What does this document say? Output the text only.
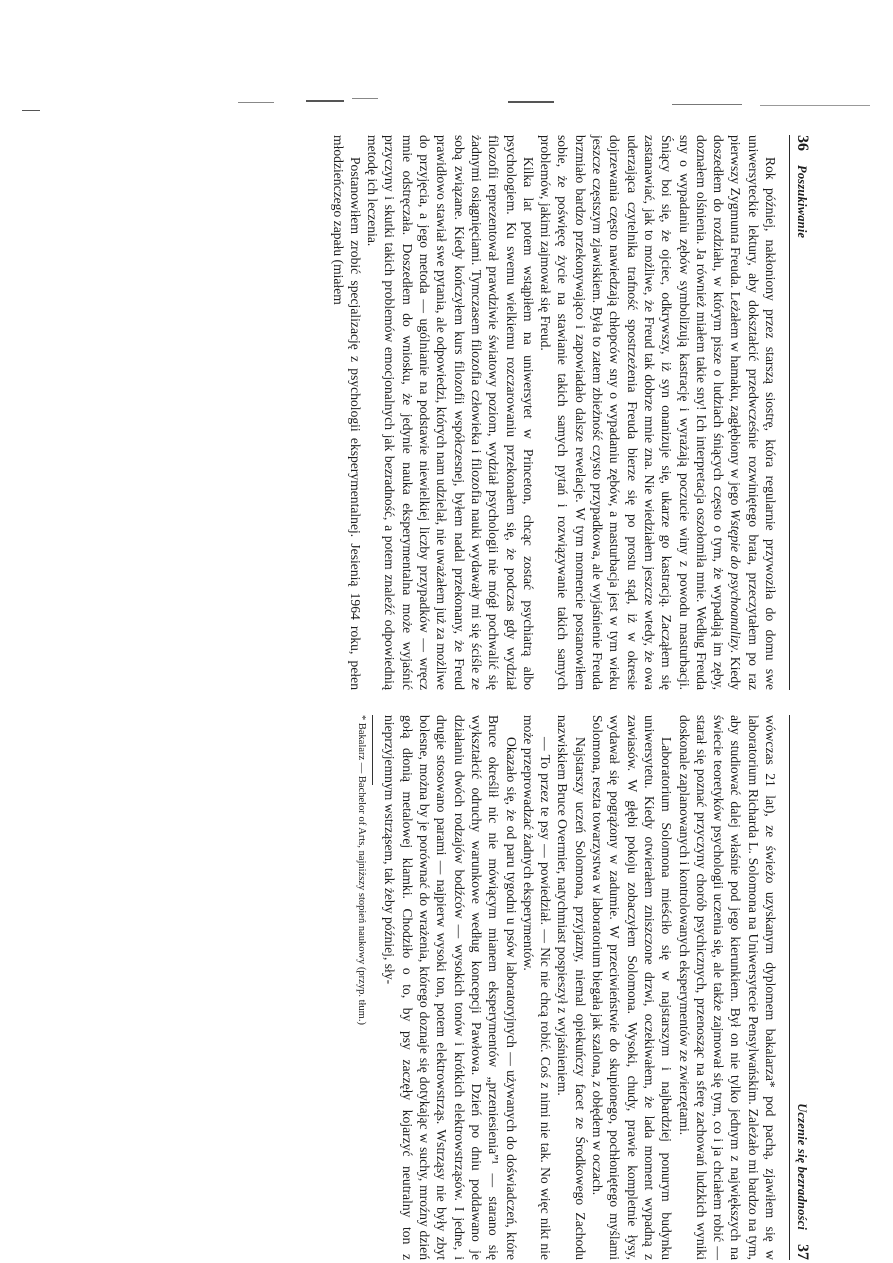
36
Poszukiwanie

Rok później, nakłoniony przez starszą siostrę, która regularnie przywoziła do domu swe uniwersyteckie lektury, aby dokształcić przedwcześnie rozwiniętego brata, przeczytałem po raz pierwszy Zygmunta Freuda. Leżałem w hamaku, zagłębiony w jego Wstępie do psychoanalizy. Kiedy doszedłem do rozdziału, w którym pisze o ludziach śniących często o tym, że wypadają im zęby, doznałem olśnienia. Ja również miałem takie sny! Ich interpretacja oszołomiła mnie. Według Freuda sny o wypadaniu zębów symbolizują kastrację i wyrażają poczucie winy z powodu masturbacji. Śniący boi się, że ojciec, odkrywszy, iż syn onanizuje się, ukarze go kastracją. Zacząłem się zastanawiać, jak to możliwe, że Freud tak dobrze mnie zna. Nie wiedziałem jeszcze wtedy, że owa uderzająca czytelnika trafność spostrzeżenia Freuda bierze się po prostu stąd, iż w okresie dojrzewania często nawiedzają chłopców sny o wypadaniu zębów, a masturbacja jest w tym wieku jeszcze częstszym zjawiskiem. Była to zatem zbieżność czysto przypadkowa, ale wyjaśnienie Freuda brzmiało bardzo przekonywająco i zapowiadało dalsze rewelacje. W tym momencie postanowiłem sobie, że poświęcę życie na stawianie takich samych pytań i rozwiązywanie takich samych problemów, jakimi zajmował się Freud.

Kilka lat potem wstąpiłem na uniwersytet w Princeton, chcąc zostać psychiatrą albo psychologiem. Ku swemu wielkiemu rozczarowaniu przekonałem się, że podczas gdy wydział filozofii reprezentował prawdziwie światowy poziom, wydział psychologii nie mógł pochwalić się żadnymi osiągnięciami. Tymczasem filozofia człowieka i filozofia nauki wydawały mi się ściśle ze sobą związane. Kiedy kończyłem kurs filozofii współczesnej, byłem nadal przekonany, że Freud prawidłowo stawiał swe pytania, ale odpowiedzi, których nam udzielał, nie uważałem już za możliwe do przyjęcia, a jego metoda — ugólnianie na podstawie niewielkiej liczby przypadków — wręcz mnie odstręczała. Doszedłem do wniosku, że jedynie nauka eksperymentalna może wyjaśnić przyczyny i skutki takich problemów emocjonalnych jak bezradność, a potem znaleźć odpowiednią metodę ich leczenia.

Postanowiłem zrobić specjalizację z psychologii eksperymentalnej. Jesienią 1964 roku, pełen młodzieńczego zapału (miałem

Uczenie się bezradności
37

wówczas 21 lat), ze świeżo uzyskanym dyplomem bakalarza* pod pachą, zjawiłem się w laboratorium Richarda L. Solomona na Uniwersytecie Pensylwańskim. Zależało mi bardzo na tym, aby studiować dalej właśnie pod jego kierunkiem. Był on nie tylko jednym z największych na świecie teoretyków psychologii uczenia się, ale także zajmował się tym, co i ja chciałem robić — starał się poznać przyczyny chorób psychicznych, przenosząc na sferę zachowań ludzkich wyniki doskonale zaplanowanych i kontrolowanych eksperymentów ze zwierzętami.

Laboratorium Solomona mieściło się w najstarszym i najbardziej ponurym budynku uniwersytetu. Kiedy otwierałem zniszczone drzwi, oczekiwałem, że lada moment wypadną z zawiasów. W głębi pokoju zobaczyłem Solomona. Wysoki, chudy, prawie kompletnie łysy, wydawał się pogrążony w zadumie. W przeciwieństwie do skupionego, pochłoniętego myślami Solomona, reszta towarzystwa w laboratorium biegała jak szalona, z obłędem w oczach.

Najstarszy uczeń Solomona, przyjazny, niemal opiekuńczy facet ze Środkowego Zachodu nazwiskiem Bruce Overmier, natychmiast pospieszył z wyjaśnieniem.

— To przez te psy — powiedział. — Nic nie chcą robić. Coś z nimi nie tak. No więc nikt nie może przeprowadzać żadnych eksperymentów.

Okazało się, że od paru tygodni u psów laboratoryjnych — używanych do doświadczeń, które Bruce określił nic nie mówiącym mianem eksperymentów „przeniesienia”¹ — starano się wykształcić odruchy warunkowe według koncepcji Pawłowa. Dzień po dniu poddawano je działaniu dwóch rodzajów bodźców — wysokich tonów i krótkich elektrowstrząsów. I jedne, i drugie stosowano parami — najpierw wysoki ton, potem elektrowstrząs. Wstrząsy nie były zbyt bolesne, można by je porównać do wrażenia, którego doznaje się dotykając w suchy, mroźny dzień gołą dłonią metalowej klamki. Chodziło o to, by psy zaczęły kojarzyć neutralny ton z nieprzyjemnym wstrząsem, tak żeby później, sły-

* Bakalarz — Bachelor of Arts, najniższy stopień naukowy (przyp. tłum.)
